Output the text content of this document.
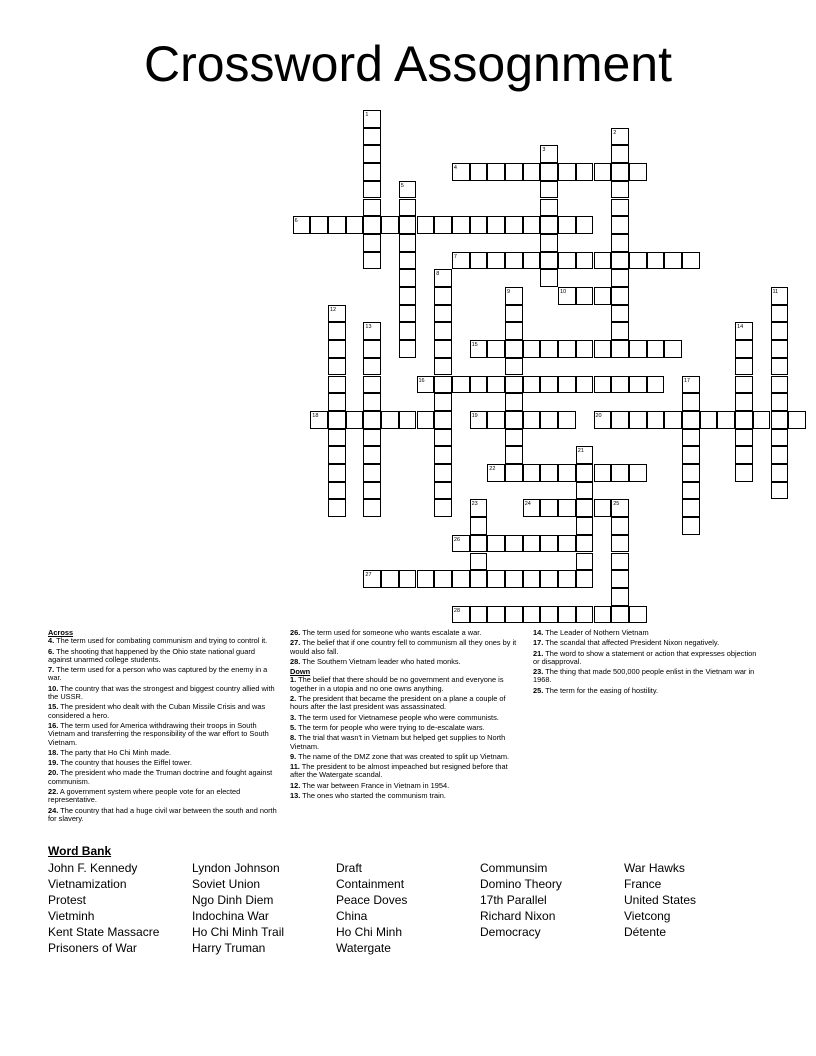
Crossword Assognment
1
2
3
4
5
6
7
8
9	10	11
12
13	14
15
16	17
18	19	20
21
22
23	24	25
26
27
28
Across
4. The term used for combating communism and trying to control it.
6. The shooting that happened by the Ohio state national guard against unarmed college students.
7. The term used for a person who was captured by the enemy in a war.
10. The country that was the strongest and biggest country allied with the USSR.
15. The president who dealt with the Cuban Missile Crisis and was considered a hero.
16. The term used for America withdrawing their troops in South Vietnam and transferring the responsibility of the war effort to South Vietnam.
18. The party that Ho Chi Minh made.
19. The country that houses the Eiffel tower.
20. The president who made the Truman doctrine and fought against communism.
22. A government system where people vote for an elected representative.
24. The country that had a huge civil war between the south and north for slavery.
26. The term used for someone who wants escalate a war.
27. The belief that if one country fell to communism all they ones by it would also fall.
28. The Southern Vietnam leader who hated monks.
Down
1. The belief that there should be no government and everyone is together in a utopia and no one owns anything.
2. The president that became the president on a plane a couple of hours after the last president was assassinated.
3. The term used for Vietnamese people who were communists.
5. The term for people who were trying to de-escalate wars.
8. The trial that wasn't in Vietnam but helped get supplies to North Vietnam.
9. The name of the DMZ zone that was created to split up Vietnam.
11. The president to be almost impeached but resigned before that after the Watergate scandal.
12. The war between France in Vietnam in 1954.
13. The ones who started the communism train.
14. The Leader of Nothern Vietnam
17. The scandal that affected President Nixon negatively.
21. The word to show a statement or action that expresses objection or disapproval.
23. The thing that made 500,000 people enlist in the Vietnam war in 1968.
25. The term for the easing of hostility.
Word Bank
John F. Kennedy
Vietnamization
Protest
Vietminh
Kent State Massacre
Prisoners of War
Lyndon Johnson
Soviet Union
Ngo Dinh Diem
Indochina War
Ho Chi Minh Trail
Harry Truman
Draft
Containment
Peace Doves
China
Ho Chi Minh
Watergate
Communsim
Domino Theory
17th Parallel
Richard Nixon
Democracy
War Hawks
France
United States
Vietcong
Détente
